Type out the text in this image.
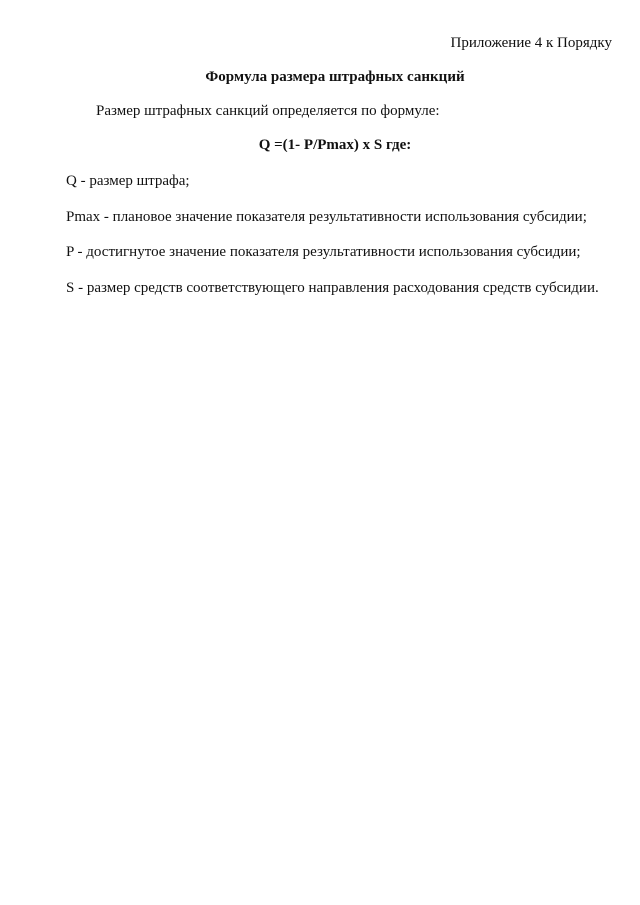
Приложение 4 к Порядку
Формула размера штрафных санкций
Размер штрафных санкций определяется по формуле:
Q =(1- P/Pmax) x S где:
Q - размер штрафа;
Pmax - плановое значение показателя результативности использования субсидии;
P - достигнутое значение показателя результативности использования субсидии;
S - размер средств соответствующего направления расходования средств субсидии.
